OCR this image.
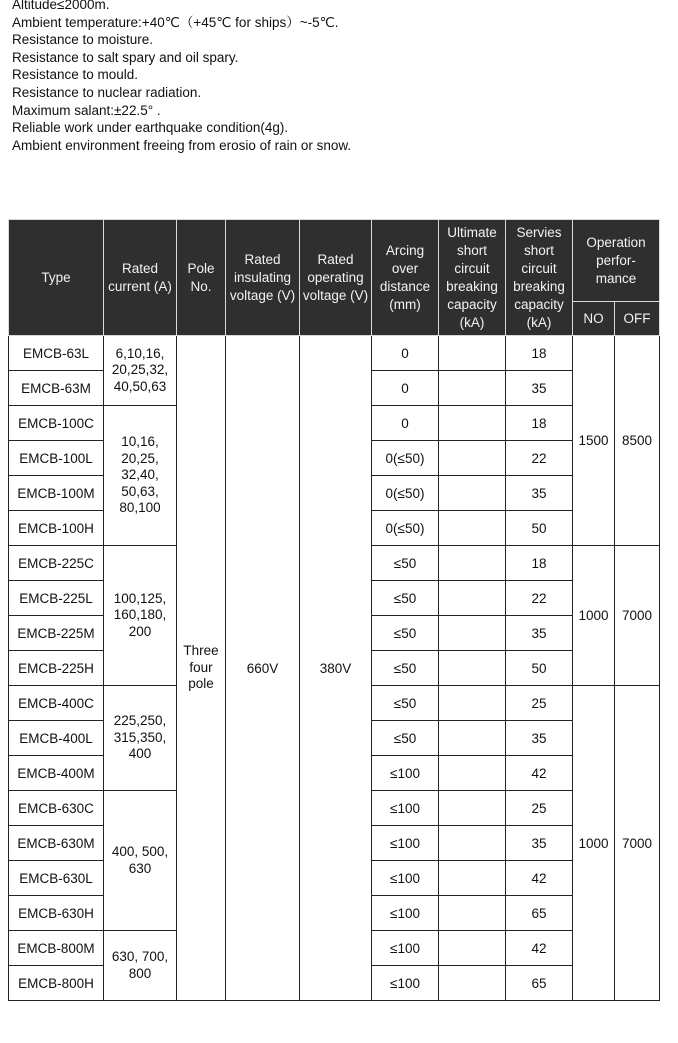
Altitude≤2000m.
Ambient temperature:+40℃（+45℃ for ships）~-5℃.
Resistance to moisture.
Resistance to salt spary and oil spary.
Resistance to mould.
Resistance to nuclear radiation.
Maximum salant:±22.5° .
Reliable work under earthquake condition(4g).
Ambient environment freeing from erosio of rain or snow.
Type	Rated current (A)	Pole No.	Rated insulating voltage (V)	Rated operating voltage (V)	Arcing over distance (mm)	Ultimate short circuit breaking capacity (kA)	Servies short circuit breaking capacity (kA)	Operation perfor- mance	
								NO	OFF
EMCB-63L	6,10,16, 20,25,32, 40,50,63	Three four pole	660V	380V	0		18	1500	8500
EMCB-63M					0		35		
EMCB-100C	10,16, 20,25, 32,40, 50,63, 80,100				0		18		
EMCB-100L					0(≤50)		22		
EMCB-100M					0(≤50)		35		
EMCB-100H					0(≤50)		50		
EMCB-225C	100,125, 160,180, 200				≤50		18	1000	7000
EMCB-225L					≤50		22		
EMCB-225M					≤50		35		
EMCB-225H					≤50		50		
EMCB-400C	225,250, 315,350, 400				≤50		25	1000	7000
EMCB-400L					≤50		35		
EMCB-400M					≤100		42		
EMCB-630C	400, 500, 630				≤100		25		
EMCB-630M					≤100		35		
EMCB-630L					≤100		42		
EMCB-630H					≤100		65		
EMCB-800M	630, 700, 800				≤100		42		
EMCB-800H					≤100		65		
